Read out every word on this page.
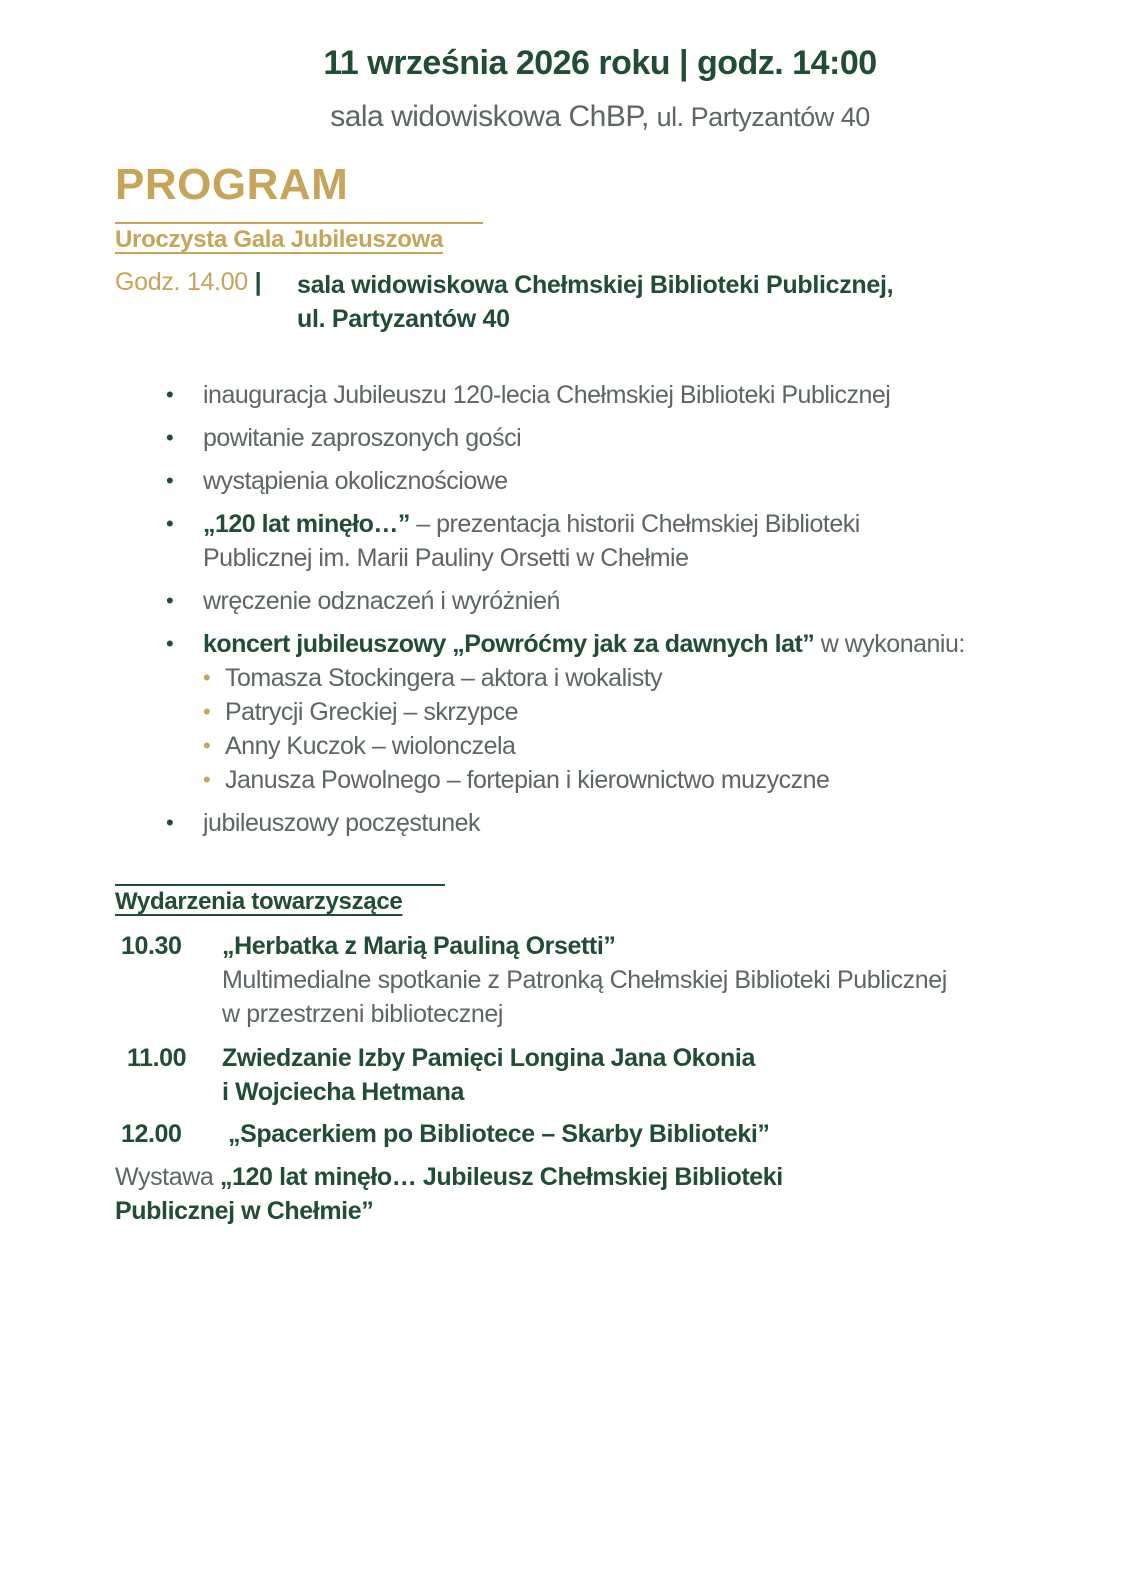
11 września 2026 roku | godz. 14:00
sala widowiskowa ChBP, ul. Partyzantów 40
PROGRAM
Uroczysta Gala Jubileuszowa
Godz. 14.00 | sala widowiskowa Chełmskiej Biblioteki Publicznej,
ul. Partyzantów 40
• inauguracja Jubileuszu 120-lecia Chełmskiej Biblioteki Publicznej
• powitanie zaproszonych gości
• wystąpienia okolicznościowe
• „120 lat minęło…” – prezentacja historii Chełmskiej Biblioteki
Publicznej im. Marii Pauliny Orsetti w Chełmie
• wręczenie odznaczeń i wyróżnień
• koncert jubileuszowy „Powróćmy jak za dawnych lat” w wykonaniu:
• Tomasza Stockingera – aktora i wokalisty
• Patrycji Greckiej – skrzypce
• Anny Kuczok – wiolonczela
• Janusza Powolnego – fortepian i kierownictwo muzyczne
• jubileuszowy poczęstunek
Wydarzenia towarzyszące
10.30 „Herbatka z Marią Pauliną Orsetti”
Multimedialne spotkanie z Patronką Chełmskiej Biblioteki Publicznej
w przestrzeni bibliotecznej
11.00 Zwiedzanie Izby Pamięci Longina Jana Okonia
i Wojciecha Hetmana
12.00 „Spacerkiem po Bibliotece – Skarby Biblioteki”
Wystawa „120 lat minęło… Jubileusz Chełmskiej Biblioteki
Publicznej w Chełmie”
